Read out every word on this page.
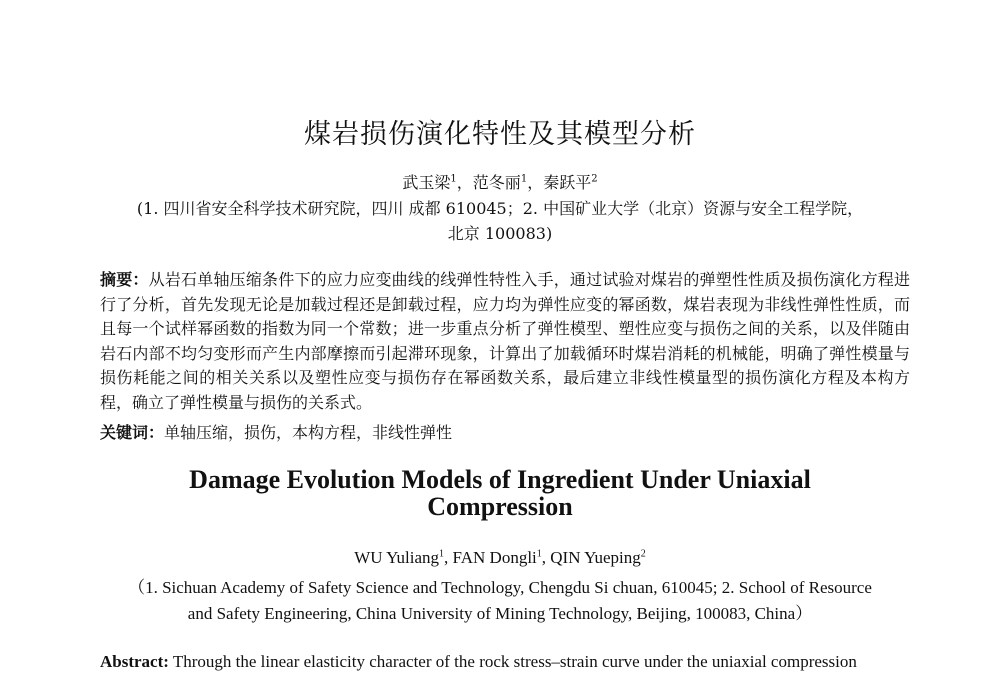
煤岩损伤演化特性及其模型分析
武玉梁$^1$，范冬丽$^1$，秦跃平$^2$
(1. 四川省安全科学技术研究院，四川 成都 610045；2. 中国矿业大学（北京）资源与安全工程学院，
北京 100083)
摘要：从岩石单轴压缩条件下的应力应变曲线的线弹性特性入手，通过试验对煤岩的弹塑性性质及损伤演化方程进行了分析，首先发现无论是加载过程还是卸载过程，应力均为弹性应变的幂函数，煤岩表现为非线性弹性性质，而且每一个试样幂函数的指数为同一个常数；进一步重点分析了弹性模型、塑性应变与损伤之间的关系，以及伴随由岩石内部不均匀变形而产生内部摩擦而引起滞环现象，计算出了加载循环时煤岩消耗的机械能，明确了弹性模量与损伤耗能之间的相关关系以及塑性应变与损伤存在幂函数关系，最后建立非线性模量型的损伤演化方程及本构方程，确立了弹性模量与损伤的关系式。
关键词：单轴压缩，损伤，本构方程，非线性弹性
Damage Evolution Models of Ingredient Under Uniaxial
Compression
WU Yuliang$^1$, FAN Dongli$^1$, QIN Yueping$^2$
（1. Sichuan Academy of Safety Science and Technology, Chengdu Si chuan, 610045; 2. School of Resource
and Safety Engineering, China University of Mining Technology, Beijing, 100083, China）
Abstract: Through the linear elasticity character of the rock stress–strain curve under the uniaxial compression
